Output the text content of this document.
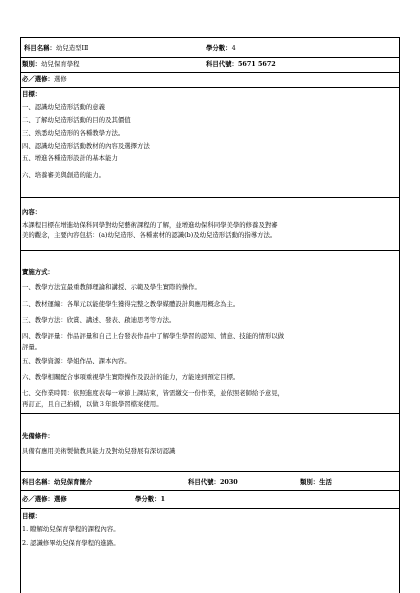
科目名稱：幼兒造型ⅠⅡ	學分數：4
類別：幼兒保育學程	科目代號：5671 5672
必／選修：選修
目標：
一、認識幼兒造形活動的意義
二、了解幼兒造形活動的目的及其價值
三、熟悉幼兒造形的各種教學方法。
四、認識幼兒造形活動教材的內容及選擇方法
五、增進各種造形設計的基本能力
六、培養審美與創造的能力。
內容：
本課程目標在增進幼保科同學對幼兒藝術課程的了解，並增進幼保科同學美學的修養及對審
美的觀念，主要內容包括：(a)幼兒造形、各種素材的認識(b)及幼兒造形活動的指導方法。
實施方式：
一、教學方法宜最重教師理論和講授、示範及學生實際的操作。
二、教材運編：各單元以能使學生獲得完整之教學媒體設計與應用概念為主。
三、教學方法：欣賞、講述、發表、啟迪思考等方法。
四、教學評量：作品評量和自己上台發表作品中了解學生學習的認知、情意、技能的情形以做
評量。
五、教學資源：學姐作品、課本內容。
六、教學相關配合事項重視學生實際操作及設計的能力，方能達到預定目標。
七、交作業時間：依照進度表每一章節上課結束，皆需繳交一份作業，並依照老師給予意見，
再訂正，且自己拍檔，以做３年級學習檔案使用。
先備條件：
具備有應用美術製做教具能力及對幼兒發展有深切認識
科目名稱：幼兒保育簡介	科目代號：2030	類別：生活
必／選修：選修	學分數：1
目標：
1. 瞭解幼兒保育學程的課程內容。
2. 認識修畢幼兒保育學程的進路。
